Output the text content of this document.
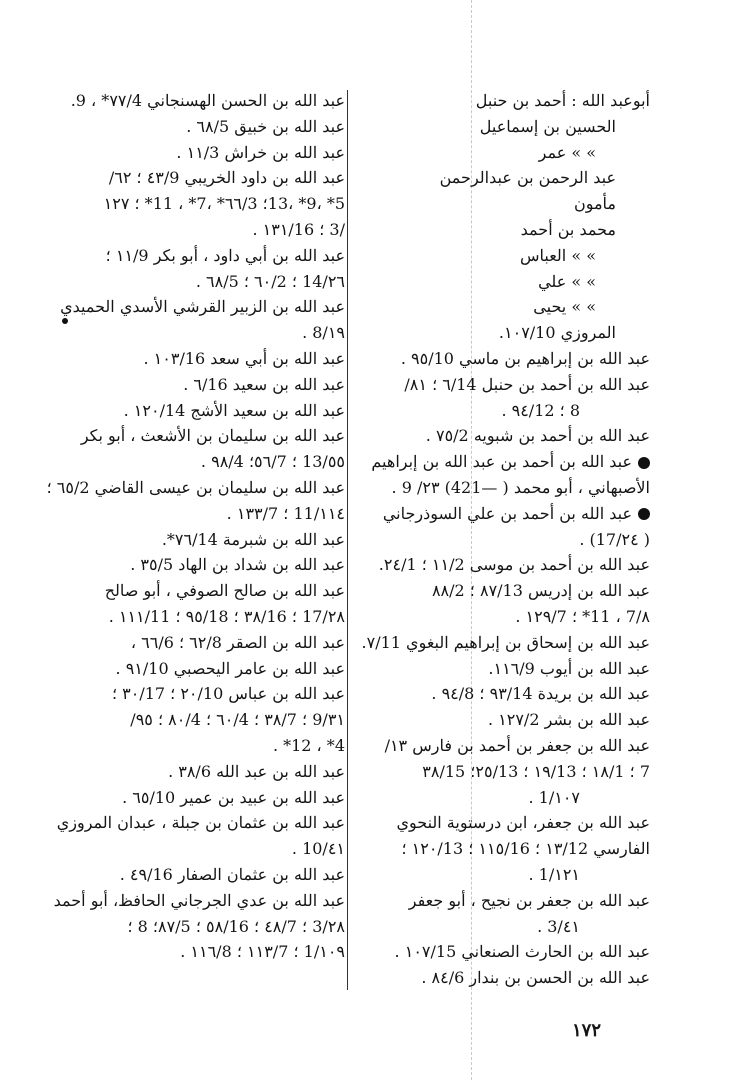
أبوعبد الله : أحمد بن حنبل
الحسين بن إسماعيل
» » عمر
عبد الرحمن بن عبدالرحمن
مأمون
محمد بن أحمد
» » العباس
» » علي
» » يحيى
المروزي ١٠٧/10.
عبد الله بن إبراهيم بن ماسي ٩٥/10 .
عبد الله بن أحمد بن حنبل ٦/14 ؛ ٨١/
8 ؛ ٩٤/12 .
عبد الله بن أحمد بن شبويه ٧٥/2 .
عبد الله بن أحمد بن عبد الله بن إبراهيم
الأصبهاني ، أبو محمد ( —421) ٢٣/ 9 .
عبد الله بن أحمد بن علي السوذرجاني
( ٢٤/17) .
عبد الله بن أحمد بن موسى ١١/2 ؛ ٢٤/1.
عبد الله بن إدريس ٨٧/13 ؛ ٨٨/2
٨/7 ، 11* ؛ ١٢٩/7 .
عبد الله بن إسحاق بن إبراهيم البغوي ٧/11.
عبد الله بن أيوب ١١٦/9.
عبد الله بن بريدة ٩٣/14 ؛ ٩٤/8 .
عبد الله بن بشر ١٢٧/2 .
عبد الله بن جعفر بن أحمد بن فارس ١٣/
7 ؛ ١٨/1 ؛ ١٩/13 ؛ ٢٥/13؛ ٣٨/15
١٠٧/1 .
عبد الله بن جعفر، ابن درستوية النحوي
الفارسي ١٣/12 ؛ ١١٥/16 ؛ ١٢٠/13 ؛
١٢١/1 .
عبد الله بن جعفر بن نجيح ، أبو جعفر
٤١/3 .
عبد الله بن الحارث الصنعاني ١٠٧/15 .
عبد الله بن الحسن بن بندار ٨٤/6 .
عبد الله بن الحسن الهسنجاني ٧٧/4* ، 9.
عبد الله بن خبيق ٦٨/5 .
عبد الله بن خراش ١١/3 .
عبد الله بن داود الخريبي ٤٣/9 ؛ ٦٢/
5* ،9* ،13؛ ٦٦/3* ،7* ، 11* ؛ ١٢٧
/3 ؛ ١٣١/16 .
عبد الله بن أبي داود ، أبو بكر ١١/9 ؛
٢٦/14 ؛ ٦٠/2 ؛ ٦٨/5 .
عبد الله بن الزبير القرشي الأسدي الحميدي
١٩/8 .
عبد الله بن أبي سعد ١٠٣/16 .
عبد الله بن سعيد ٦/16 .
عبد الله بن سعيد الأشج ١٢٠/14 .
عبد الله بن سليمان بن الأشعث ، أبو بكر
٥٥/13 ؛ ٥٦/7؛ ٩٨/4 .
عبد الله بن سليمان بن عيسى القاضي ٦٥/2 ؛
١١٤/11 ؛ ١٣٣/7 .
عبد الله بن شبرمة ٧٦/14*.
عبد الله بن شداد بن الهاد ٣٥/5 .
عبد الله بن صالح الصوفي ، أبو صالح
٢٨/17 ؛ ٣٨/16 ؛ ٩٥/18 ؛ ١١١/11 .
عبد الله بن الصقر ٦٢/8 ؛ ٦٦/6 ،
عبد الله بن عامر اليحصبي ٩١/10 .
عبد الله بن عباس ٢٠/10 ؛ ٣٠/17 ؛
٣١/9 ؛ ٣٨/7 ؛ ٦٠/4 ؛ ٨٠/4 ؛ ٩٥/
4* ، 12* .
عبد الله بن عبد الله ٣٨/6 .
عبد الله بن عبيد بن عمير ٦٥/10 .
عبد الله بن عثمان بن جبلة ، عبدان المروزي
٤١/10 .
عبد الله بن عثمان الصفار ٤٩/16 .
عبد الله بن عدي الجرجاني الحافظ، أبو أحمد
٢٨/3 ؛ ٤٨/7 ؛ ٥٨/16 ؛ ٨٧/5؛ 8 ؛
١٠٩/1 ؛ ١١٣/7 ؛ ١١٦/8 .
١٧٢
